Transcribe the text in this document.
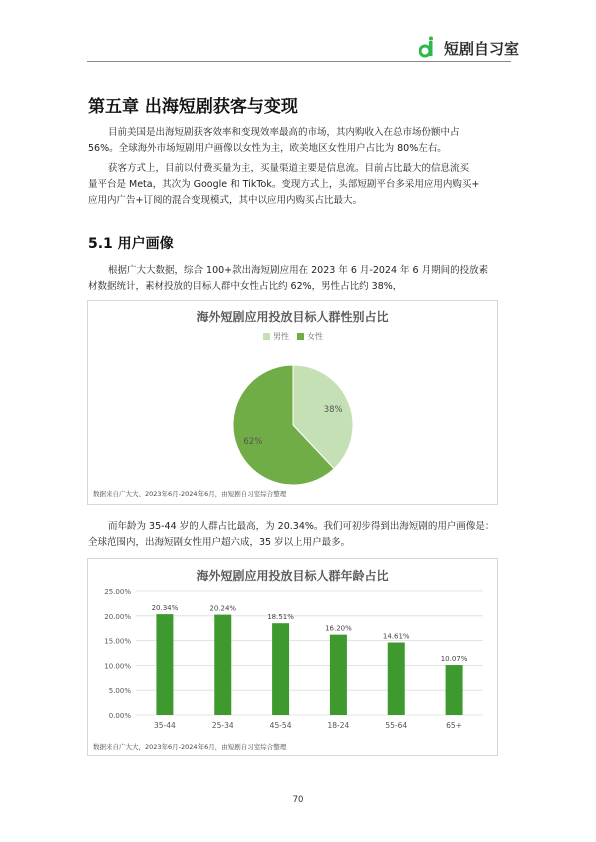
短剧自习室
第五章 出海短剧获客与变现
目前美国是出海短剧获客效率和变现效率最高的市场，其内购收入在总市场份额中占
56%。全球海外市场短剧用户画像以女性为主，欧美地区女性用户占比为 80%左右。
获客方式上，目前以付费买量为主，买量渠道主要是信息流。目前占比最大的信息流买
量平台是 Meta，其次为 Google 和 TikTok。变现方式上，头部短剧平台多采用应用内购买+
应用内广告+订阅的混合变现模式，其中以应用内购买占比最大。
5.1 用户画像
根据广大大数据，综合 100+款出海短剧应用在 2023 年 6 月-2024 年 6 月期间的投放素
材数据统计，素材投放的目标人群中女性占比约 62%，男性占比约 38%，
海外短剧应用投放目标人群性别占比
男性 女性
38%
62%
数据来自广大大、2023年6月-2024年6月，由短剧自习室综合整理
而年龄为 35-44 岁的人群占比最高，为 20.34%。我们可初步得到出海短剧的用户画像是：
全球范围内，出海短剧女性用户超六成，35 岁以上用户最多。
海外短剧应用投放目标人群年龄占比
0.00%
5.00%
10.00%
15.00%
20.00%
25.00%
20.34%
35-44
20.24%
25-34
18.51%
45-54
16.20%
18-24
14.61%
55-64
10.07%
65+
数据来自广大大，2023年6月-2024年6月，由短剧自习室综合整理
70
